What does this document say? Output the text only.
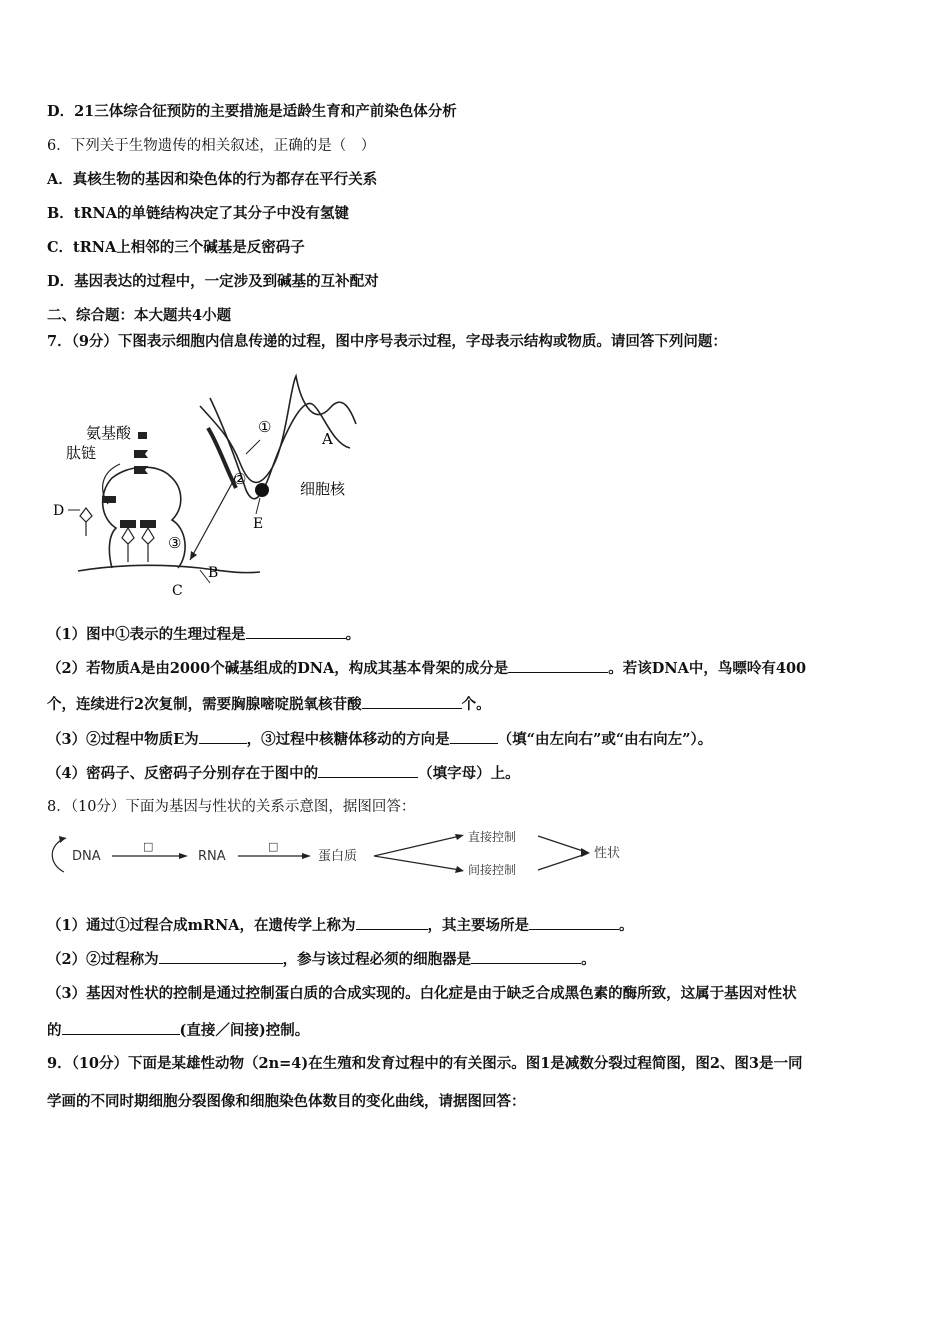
D．21三体综合征预防的主要措施是适龄生育和产前染色体分析
6．下列关于生物遗传的相关叙述，正确的是（　）
A．真核生物的基因和染色体的行为都存在平行关系
B．tRNA的单链结构决定了其分子中没有氢键
C．tRNA上相邻的三个碱基是反密码子
D．基因表达的过程中，一定涉及到碱基的互补配对
二、综合题：本大题共4小题
7．（9分）下图表示细胞内信息传递的过程，图中序号表示过程，字母表示结构或物质。请回答下列问题：
B
C
D
氨基酸
肽链
③
A
①
②
E
细胞核
（1）图中①表示的生理过程是	。
（2）若物质A是由2000个碱基组成的DNA，构成其基本骨架的成分是	。若该DNA中，鸟嘌呤有400
个，连续进行2次复制，需要胸腺嘧啶脱氧核苷酸	个。
（3）②过程中物质E为	，③过程中核糖体移动的方向是	（填“由左向右”或“由右向左”）。
（4）密码子、反密码子分别存在于图中的	（填字母）上。
8．（10分）下面为基因与性状的关系示意图，据图回答：
DNA
□
RNA
□
蛋白质
直接控制
间接控制
性状
（1）通过①过程合成mRNA，在遗传学上称为	，其主要场所是	。
（2）②过程称为	，参与该过程必须的细胞器是	。
（3）基因对性状的控制是通过控制蛋白质的合成实现的。白化症是由于缺乏合成黑色素的酶所致，这属于基因对性状
的	(直接／间接)控制。
9．（10分）下面是某雄性动物（2n=4)在生殖和发育过程中的有关图示。图1是减数分裂过程简图，图2、图3是一同
学画的不同时期细胞分裂图像和细胞染色体数目的变化曲线，请据图回答：
